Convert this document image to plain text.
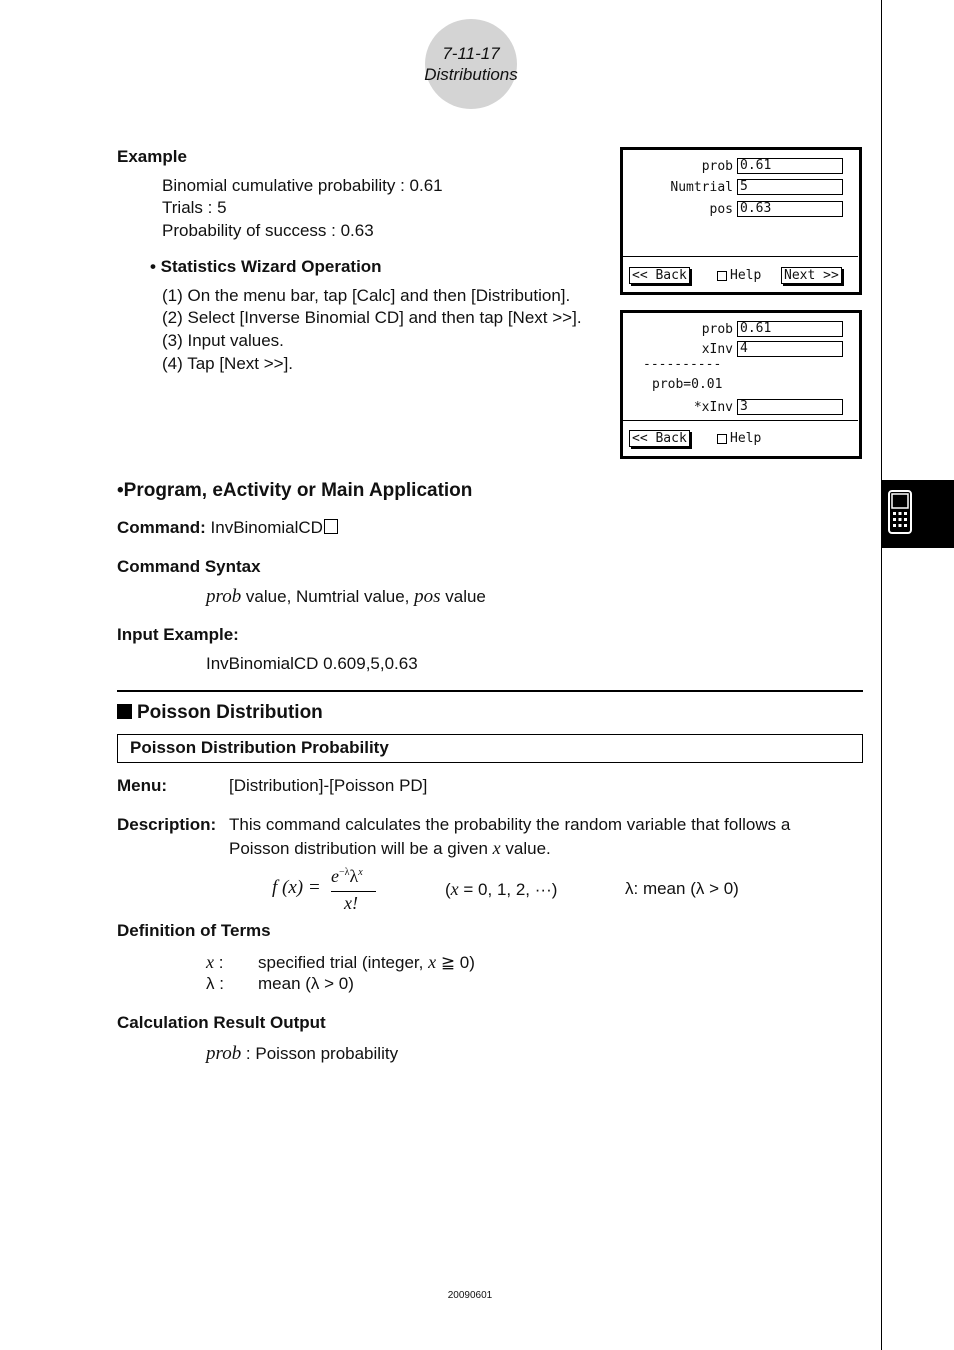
7-11-17
Distributions
Example
Binomial cumulative probability : 0.61
Trials : 5
Probability of success : 0.63
• Statistics Wizard Operation
(1) On the menu bar, tap [Calc] and then [Distribution].
(2) Select [Inverse Binomial CD] and then tap [Next >>].
(3) Input values.
(4) Tap [Next >>].
prob 0.61
Numtrial 5
pos 0.63
<< Back	Help Next >>
prob 0.61
xInv 4
----------
prob=0.01
*xInv 3
<< Back	Help
•Program, eActivity or Main Application
Command: InvBinomialCD
Command Syntax
prob value, Numtrial value, pos value
Input Example:
InvBinomialCD 0.609,5,0.63
Poisson Distribution
Poisson Distribution Probability
Menu:	[Distribution]-[Poisson PD]
Description: This command calculates the probability the random variable that follows a
Poisson distribution will be a given x value.
f (x) =
$e^{-\lambda}\lambda^x$
x!
(x = 0, 1, 2, ···)	λ: mean (λ > 0)
Definition of Terms
x : specified trial (integer, x ≧ 0)
λ : mean (λ > 0)
Calculation Result Output
prob : Poisson probability
20090601
